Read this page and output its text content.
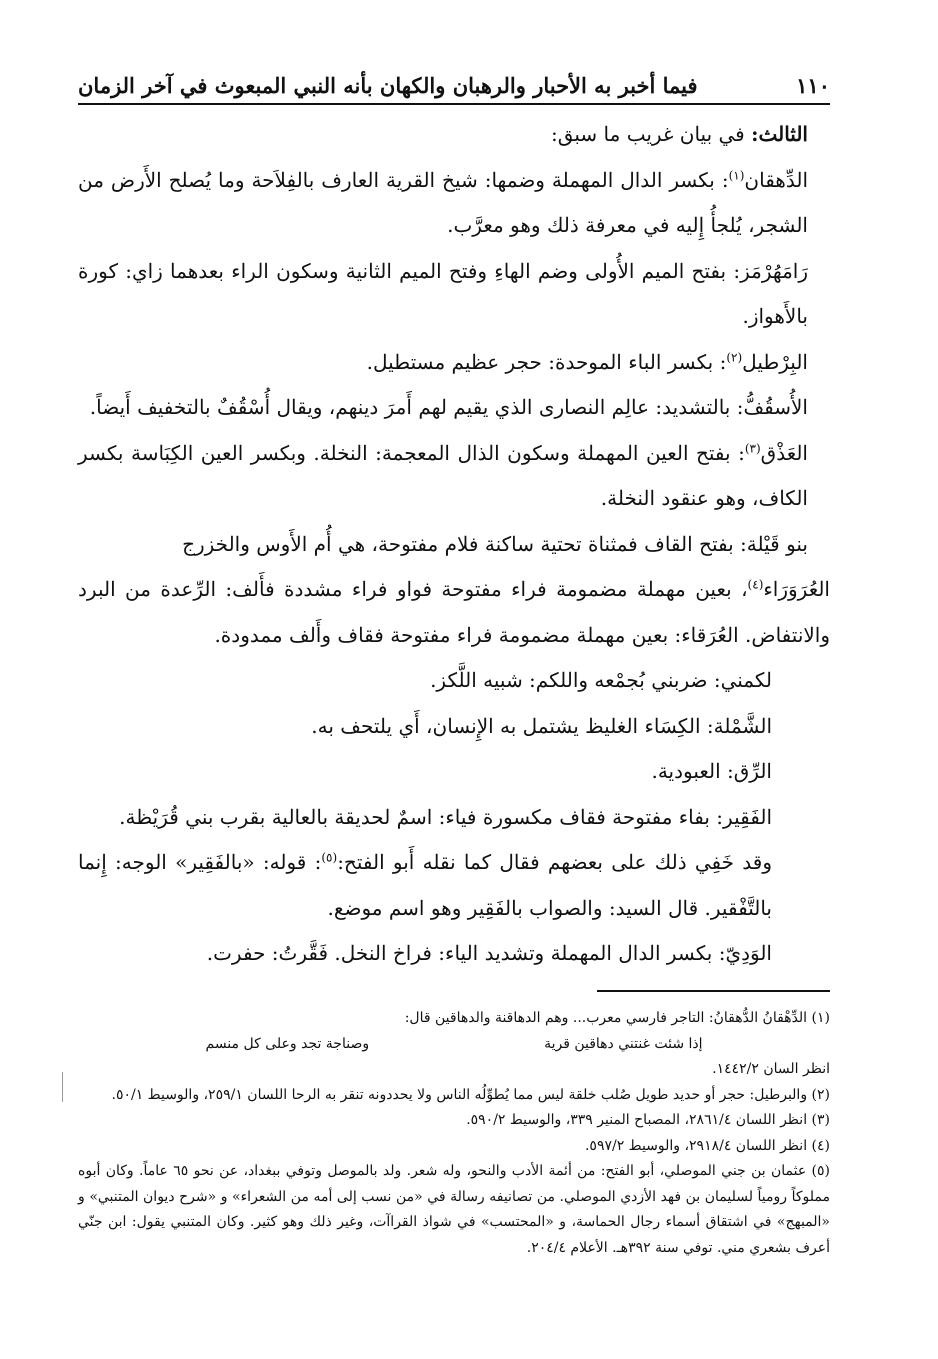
١١٠
فيما أخبر به الأحبار والرهبان والكهان بأنه النبي المبعوث في آخر الزمان

الثالث: في بيان غريب ما سبق:

الدِّهقان$^{(١)}$: بكسر الدال المهملة وضمها: شيخ القرية العارف بالفِلاَحة وما يُصلح الأَرض من الشجر، يُلجأُ إِليه في معرفة ذلك وهو معرَّب.

رَامَهُرْمَز: بفتح الميم الأُولى وضم الهاءِ وفتح الميم الثانية وسكون الراء بعدهما زاي: كورة بالأَهواز.

البِرْطيل$^{(٢)}$: بكسر الباء الموحدة: حجر عظيم مستطيل.

الأُسقُفُّ: بالتشديد: عالِم النصارى الذي يقيم لهم أَمرَ دينهم، ويقال أُسْقُفٌ بالتخفيف أَيضاً.

العَذْق$^{(٣)}$: بفتح العين المهملة وسكون الذال المعجمة: النخلة. وبكسر العين الكِبَاسة بكسر الكاف، وهو عنقود النخلة.

بنو قَيْلة: بفتح القاف فمثناة تحتية ساكنة فلام مفتوحة، هي أُم الأَوس والخزرج

العُرَوَرَاء$^{(٤)}$، بعين مهملة مضمومة فراء مفتوحة فواو فراء مشددة فأَلف: الرِّعدة من البرد والانتفاض. العُرَقاء: بعين مهملة مضمومة فراء مفتوحة فقاف وأَلف ممدودة.

لكمني: ضربني بُجمْعه واللكم: شبيه اللَّكز.

الشَّمْلة: الكِسَاء الغليظ يشتمل به الإِنسان، أَي يلتحف به.

الرِّق: العبودية.

الفَقِير: بفاء مفتوحة فقاف مكسورة فياء: اسمٌ لحديقة بالعالية بقرب بني قُرَيْظة.

وقد خَفِي ذلك على بعضهم فقال كما نقله أَبو الفتح:$^{(٥)}$: قوله: «بالفَقِير» الوجه: إِنما بالتَّفْقير. قال السيد: والصواب بالفَقِير وهو اسم موضع.

الوَدِيّ: بكسر الدال المهملة وتشديد الياء: فراخ النخل. فَقَّرتُ: حفرت.

(١) الدِّهْقانُ الدُّهقانُ: التاجر فارسي معرب... وهم الدهاقنة والدهاقين قال:

إذا شئت غنتني دهاقين قرية
وصناجة تجد وعلى كل منسم

انظر السان ١٤٤٢/٢.

(٢) والبرطيل: حجر أو حديد طويل صُلب خلقة ليس مما يُطوِّلُه الناس ولا يحددونه تنقر به الرحا اللسان ٢٥٩/١، والوسيط ٥٠/١.

(٣) انظر اللسان ٢٨٦١/٤، المصباح المنير ٣٣٩، والوسيط ٥٩٠/٢.

(٤) انظر اللسان ٢٩١٨/٤، والوسيط ٥٩٧/٢.

(٥) عثمان بن جني الموصلي، أبو الفتح: من أئمة الأدب والنحو، وله شعر. ولد بالموصل وتوفي ببغداد، عن نحو ٦٥ عاماً. وكان أبوه مملوكاً رومياً لسليمان بن فهد الأزدي الموصلي. من تصانيفه رسالة في «من نسب إلى أمه من الشعراء» و «شرح ديوان المتنبي» و «المبهج» في اشتقاق أسماء رجال الحماسة، و «المحتسب» في شواذ القراآت، وغير ذلك وهو كثير. وكان المتنبي يقول: ابن جنّي أعرف بشعري مني. توفي سنة ٣٩٢هـ. الأعلام ٢٠٤/٤.
